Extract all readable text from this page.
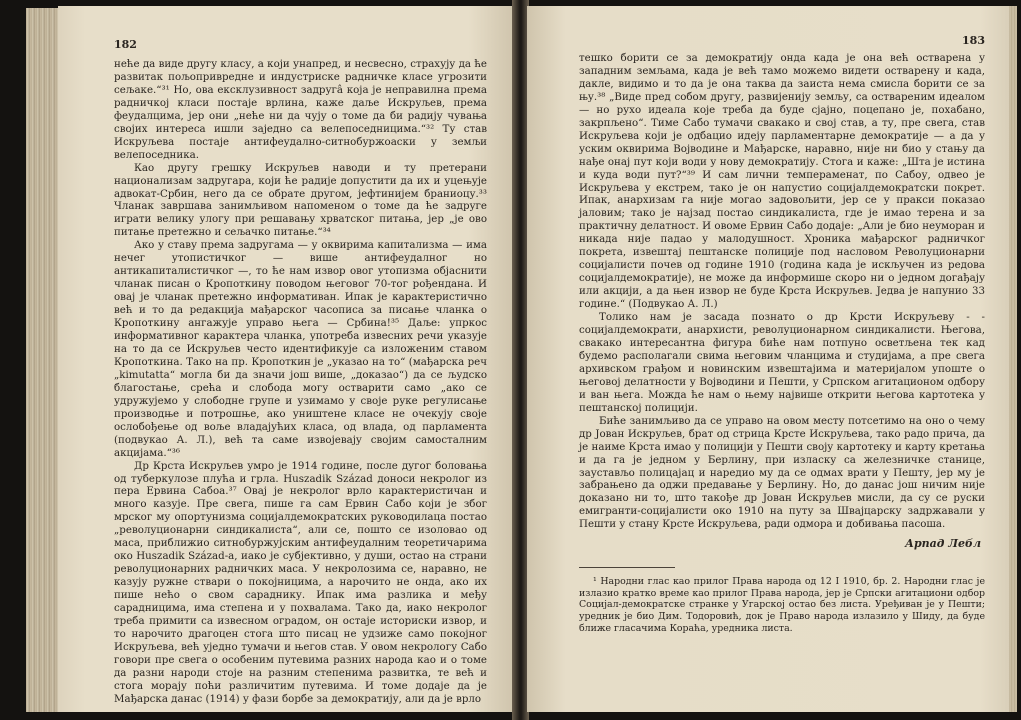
182

неће да виде другу класу, а који унапред, и несвесно, страхују да ће развитак пољопривредне и индустриске радничке класе угрозити сељаке.“³¹ Но, ова ексклузивност задругâ која је неправилна према радничкој класи постаје врлина, каже даље Искруљев, према феудалцима, јер они „неће ни да чују о томе да би радију чувања својих интереса ишли заједно са велепоседницима.“³² Ту став Искруљева постаје антифеудално-ситнобуржоаски у земљи велепоседника.

Као другу грешку Искруљев наводи и ту претерани национализам задругара, који ће радије допустити да их и уцењује адвокат-Србин, него да се обрате другом, јефтинијем браниоцу.³³ Чланак завршава занимљивом напоменом о томе да ће задруге играти велику улогу при решавању хрватског питања, јер „је ово питање претежно и сељачко питање.“³⁴

Ако у ставу према задругама — у оквирима капитализма — има нечег утопистичког — више антифеудалног но антикапиталистичког —, то ће нам извор овог утопизма објаснити чланак писан о Кропоткину поводом његовог 70-тог рођендана. И овај је чланак претежно информативан. Ипак је карактеристично већ и то да редакција мађарског часописа за писање чланка о Кропоткину ангажује управо њега — Србина!³⁵ Даље: упркос информативног карактера чланка, употреба извесних речи указује на то да се Искруљев често идентификује са изложеним ставом Кропоткина. Тако на пр. Кропоткин је „указао на то“ (мађарска реч „kimutatta“ могла би да значи још више, „доказао“) да се људско благостање, срећа и слобода могу остварити само „ако се удружујемо у слободне групе и узимамо у своје руке регулисање производње и потрошње, ако уништене класе не очекују своје ослобођење од воље владајућих класа, од влада, од парламента (подвукао А. Л.), већ та саме извојевају својим самосталним акцијама.“³⁶

Др Крста Искруљев умро је 1914 године, после дугог боловања од туберкулозе плућа и грла. Huszadik Század доноси некролог из пера Ервина Сабоа.³⁷ Овај је некролог врло карактеристичан и много казује. Пре свега, пише га сам Ервин Сабо који је због мрског му опортунизма социјалдемократских руководилаца постао „револуционарни синдикалиста“, али се, пошто се изоловао од маса, приближио ситнобуржујским антифеудалним теоретичарима око Huszadik Század-а, иако је субјективно, у души, остао на страни револуционарних радничких маса. У некролозима се, наравно, не казују ружне ствари о покојницима, а нарочито не онда, ако их пише нећо о свом сараднику. Ипак има разлика и међу сарадницима, има степена и у похвалама. Тако да, иако некролог треба примити са извесном оградом, он остаје историски извор, и то нарочито драгоцен стога што писац не удзиже само покојног Искруљева, већ уједно тумачи и његов став. У овом некрологу Сабо говори пре свега о особеним путевима разних народа као и о томе да разни народи стоје на разним степенима развитка, те већ и стога морају поћи различитим путевима. И томе додаје да је Мађарска данас (1914) у фази борбе за демократију, али да је врло

183

тешко борити се за демократију онда када је она већ остварена у западним земљама, када је већ тамо можемо видети остварену и када, дакле, видимо и то да је она таква да заиста нема смисла борити се за њу.³⁸ „Виде пред собом другу, развијенију земљу, са оствареним идеалом — но рухо идеала које треба да буде сјајно, поцепано је, похабано, закрпљено“. Тиме Сабо тумачи свакако и свој став, а ту, пре свега, став Искруљева који је одбацио идеју парламентарне демократије — а да у уским оквирима Војводине и Мађарске, наравно, није ни био у стању да нађе онај пут који води у нову демократију. Стога и каже: „Шта је истина и куда води пут?“³⁹ И сам лични темпераменат, по Сабоу, одвео је Искруљева у екстрем, тако је он напустио социјалдемократски покрет. Ипак, анархизам га није могао задовољити, јер се у пракси показао јаловим; тако је најзад постао синдикалиста, где је имао терена и за практичну делатност. И овоме Ервин Сабо додаје: „Али је био неуморан и никада није падао у малодушност. Хроника мађарског радничког покрета, извештај пештанске полиције под насловом Револуционарни социјалисти почев од године 1910 (година када је искључен из редова социјалдемократије), не може да информише скоро ни о једном догађају или акцији, а да њен извор не буде Крста Искруљев. Једва је напунио 33 године.“ (Подвукао А. Л.)

Толико нам је засада познато о др Крсти Искруљеву - - социјалдемократи, анархисти, револуционарном синдикалисти. Његова, свакако интересантна фигура биће нам потпуно осветљена тек кад будемо располагали свима његовим чланцима и студијама, а пре свега архивском грађом и новинским извештајима и материјалом упоште о његовој делатности у Војводини и Пешти, у Српском агитационом одбору и ван њега. Можда ће нам о њему највише открити његова картотека у пештанској полицији.

Биће занимљиво да се управо на овом месту потсетимо на оно о чему др Јован Искруљев, брат од стрица Крсте Искруљева, тако радо прича, да је наиме Крста имао у полицији у Пешти своју картотеку и карту кретања и да га је једном у Берлину, при изласку са железничке станице, заустављо полицајац и наредио му да се одмах врати у Пешту, јер му је забрањено да оджи предавање у Берлину. Но, до данас још ничим није доказано ни то, што такође др Јован Искруљев мисли, да су се руски емигранти-социјалисти око 1910 на путу за Швајцарску задржавали у Пешти у стану Крсте Искруљева, ради одмора и добивања пасоша.

Арпад Лебл

¹ Народни глас као прилог Права народа од 12 I 1910, бр. 2. Народни глас је излазио кратко време као прилог Права народа, јер је Српски агитациони одбор Социјал-демократске странке у Угарској остао без листа. Уређиван је у Пешти; уредник је био Дим. Тодоровић, док је Право народа излазило у Шиду, да буде ближе гласачима Кораћа, уредника листа.
